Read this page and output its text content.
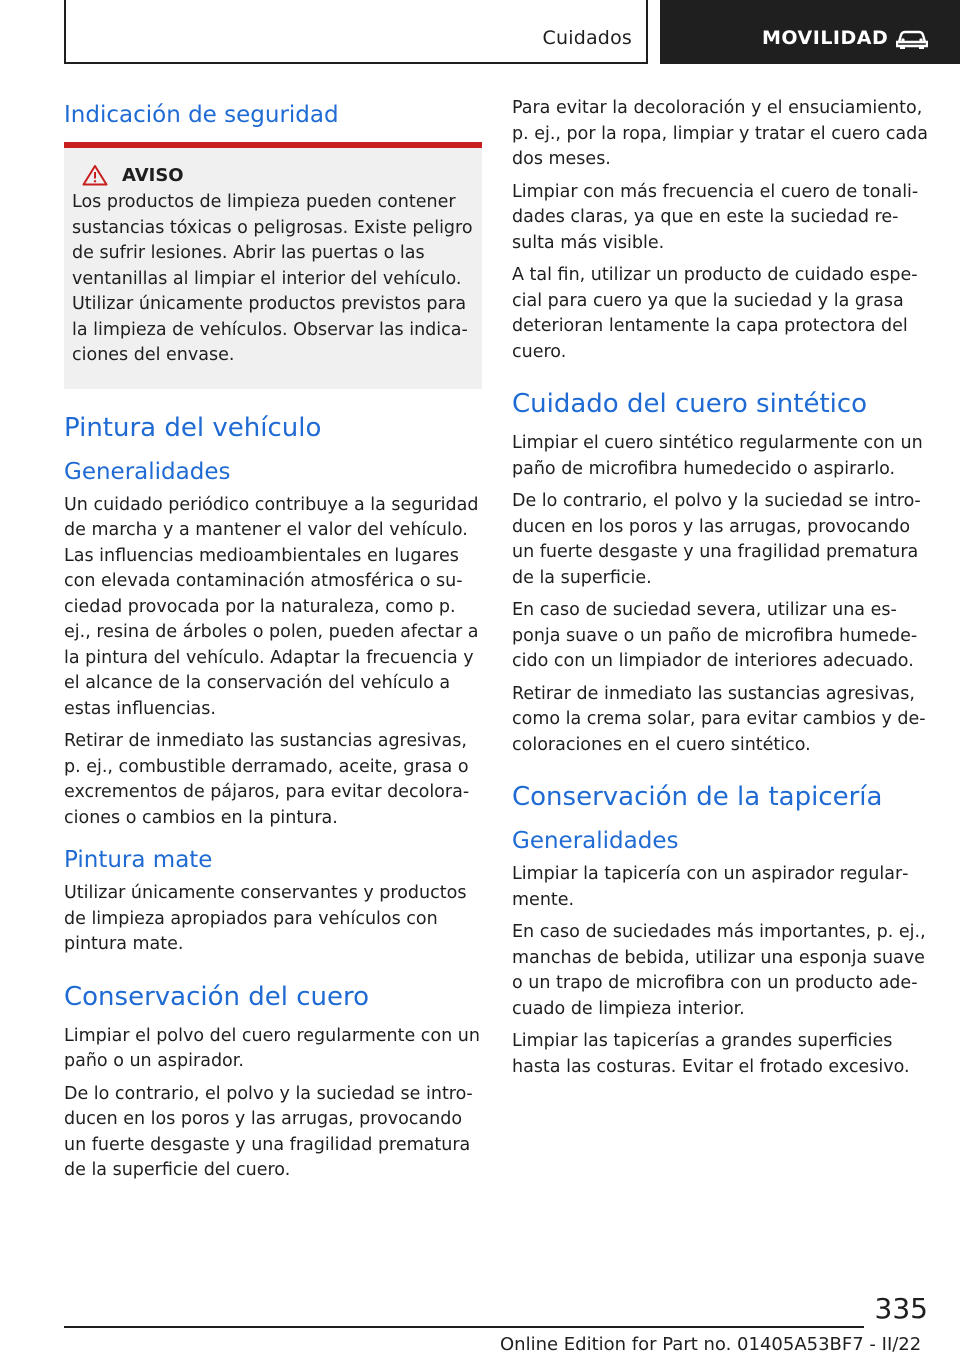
Cuidados	MOVILIDAD
Indicación de seguridad
AVISO

Los productos de limpieza pueden contener sustancias tóxicas o peligrosas. Existe peligro de sufrir lesiones. Abrir las puertas o las ventanillas al limpiar el interior del vehículo. Utilizar únicamente productos previstos para la limpieza de vehículos. Observar las indicaciones del envase.

Pintura del vehículo
Generalidades

Un cuidado periódico contribuye a la seguridad de marcha y a mantener el valor del vehículo. Las influencias medioambientales en lugares con elevada contaminación atmosférica o suciedad provocada por la naturaleza, como p. ej., resina de árboles o polen, pueden afectar a la pintura del vehículo. Adaptar la frecuencia y el alcance de la conservación del vehículo a estas influencias.

Retirar de inmediato las sustancias agresivas, p. ej., combustible derramado, aceite, grasa o excrementos de pájaros, para evitar decoloraciones o cambios en la pintura.

Pintura mate

Utilizar únicamente conservantes y productos de limpieza apropiados para vehículos con pintura mate.

Conservación del cuero

Limpiar el polvo del cuero regularmente con un paño o un aspirador.

De lo contrario, el polvo y la suciedad se introducen en los poros y las arrugas, provocando un fuerte desgaste y una fragilidad prematura de la superficie del cuero.

Para evitar la decoloración y el ensuciamiento, p. ej., por la ropa, limpiar y tratar el cuero cada dos meses.

Limpiar con más frecuencia el cuero de tonalidades claras, ya que en este la suciedad resulta más visible.

A tal fin, utilizar un producto de cuidado especial para cuero ya que la suciedad y la grasa deterioran lentamente la capa protectora del cuero.

Cuidado del cuero sintético

Limpiar el cuero sintético regularmente con un paño de microfibra humedecido o aspirarlo.

De lo contrario, el polvo y la suciedad se introducen en los poros y las arrugas, provocando un fuerte desgaste y una fragilidad prematura de la superficie.

En caso de suciedad severa, utilizar una esponja suave o un paño de microfibra humedecido con un limpiador de interiores adecuado.

Retirar de inmediato las sustancias agresivas, como la crema solar, para evitar cambios y decoloraciones en el cuero sintético.

Conservación de la tapicería
Generalidades

Limpiar la tapicería con un aspirador regularmente.

En caso de suciedades más importantes, p. ej., manchas de bebida, utilizar una esponja suave o un trapo de microfibra con un producto adecuado de limpieza interior.

Limpiar las tapicerías a grandes superficies hasta las costuras. Evitar el frotado excesivo.

335
Online Edition for Part no. 01405A53BF7 - II/22
